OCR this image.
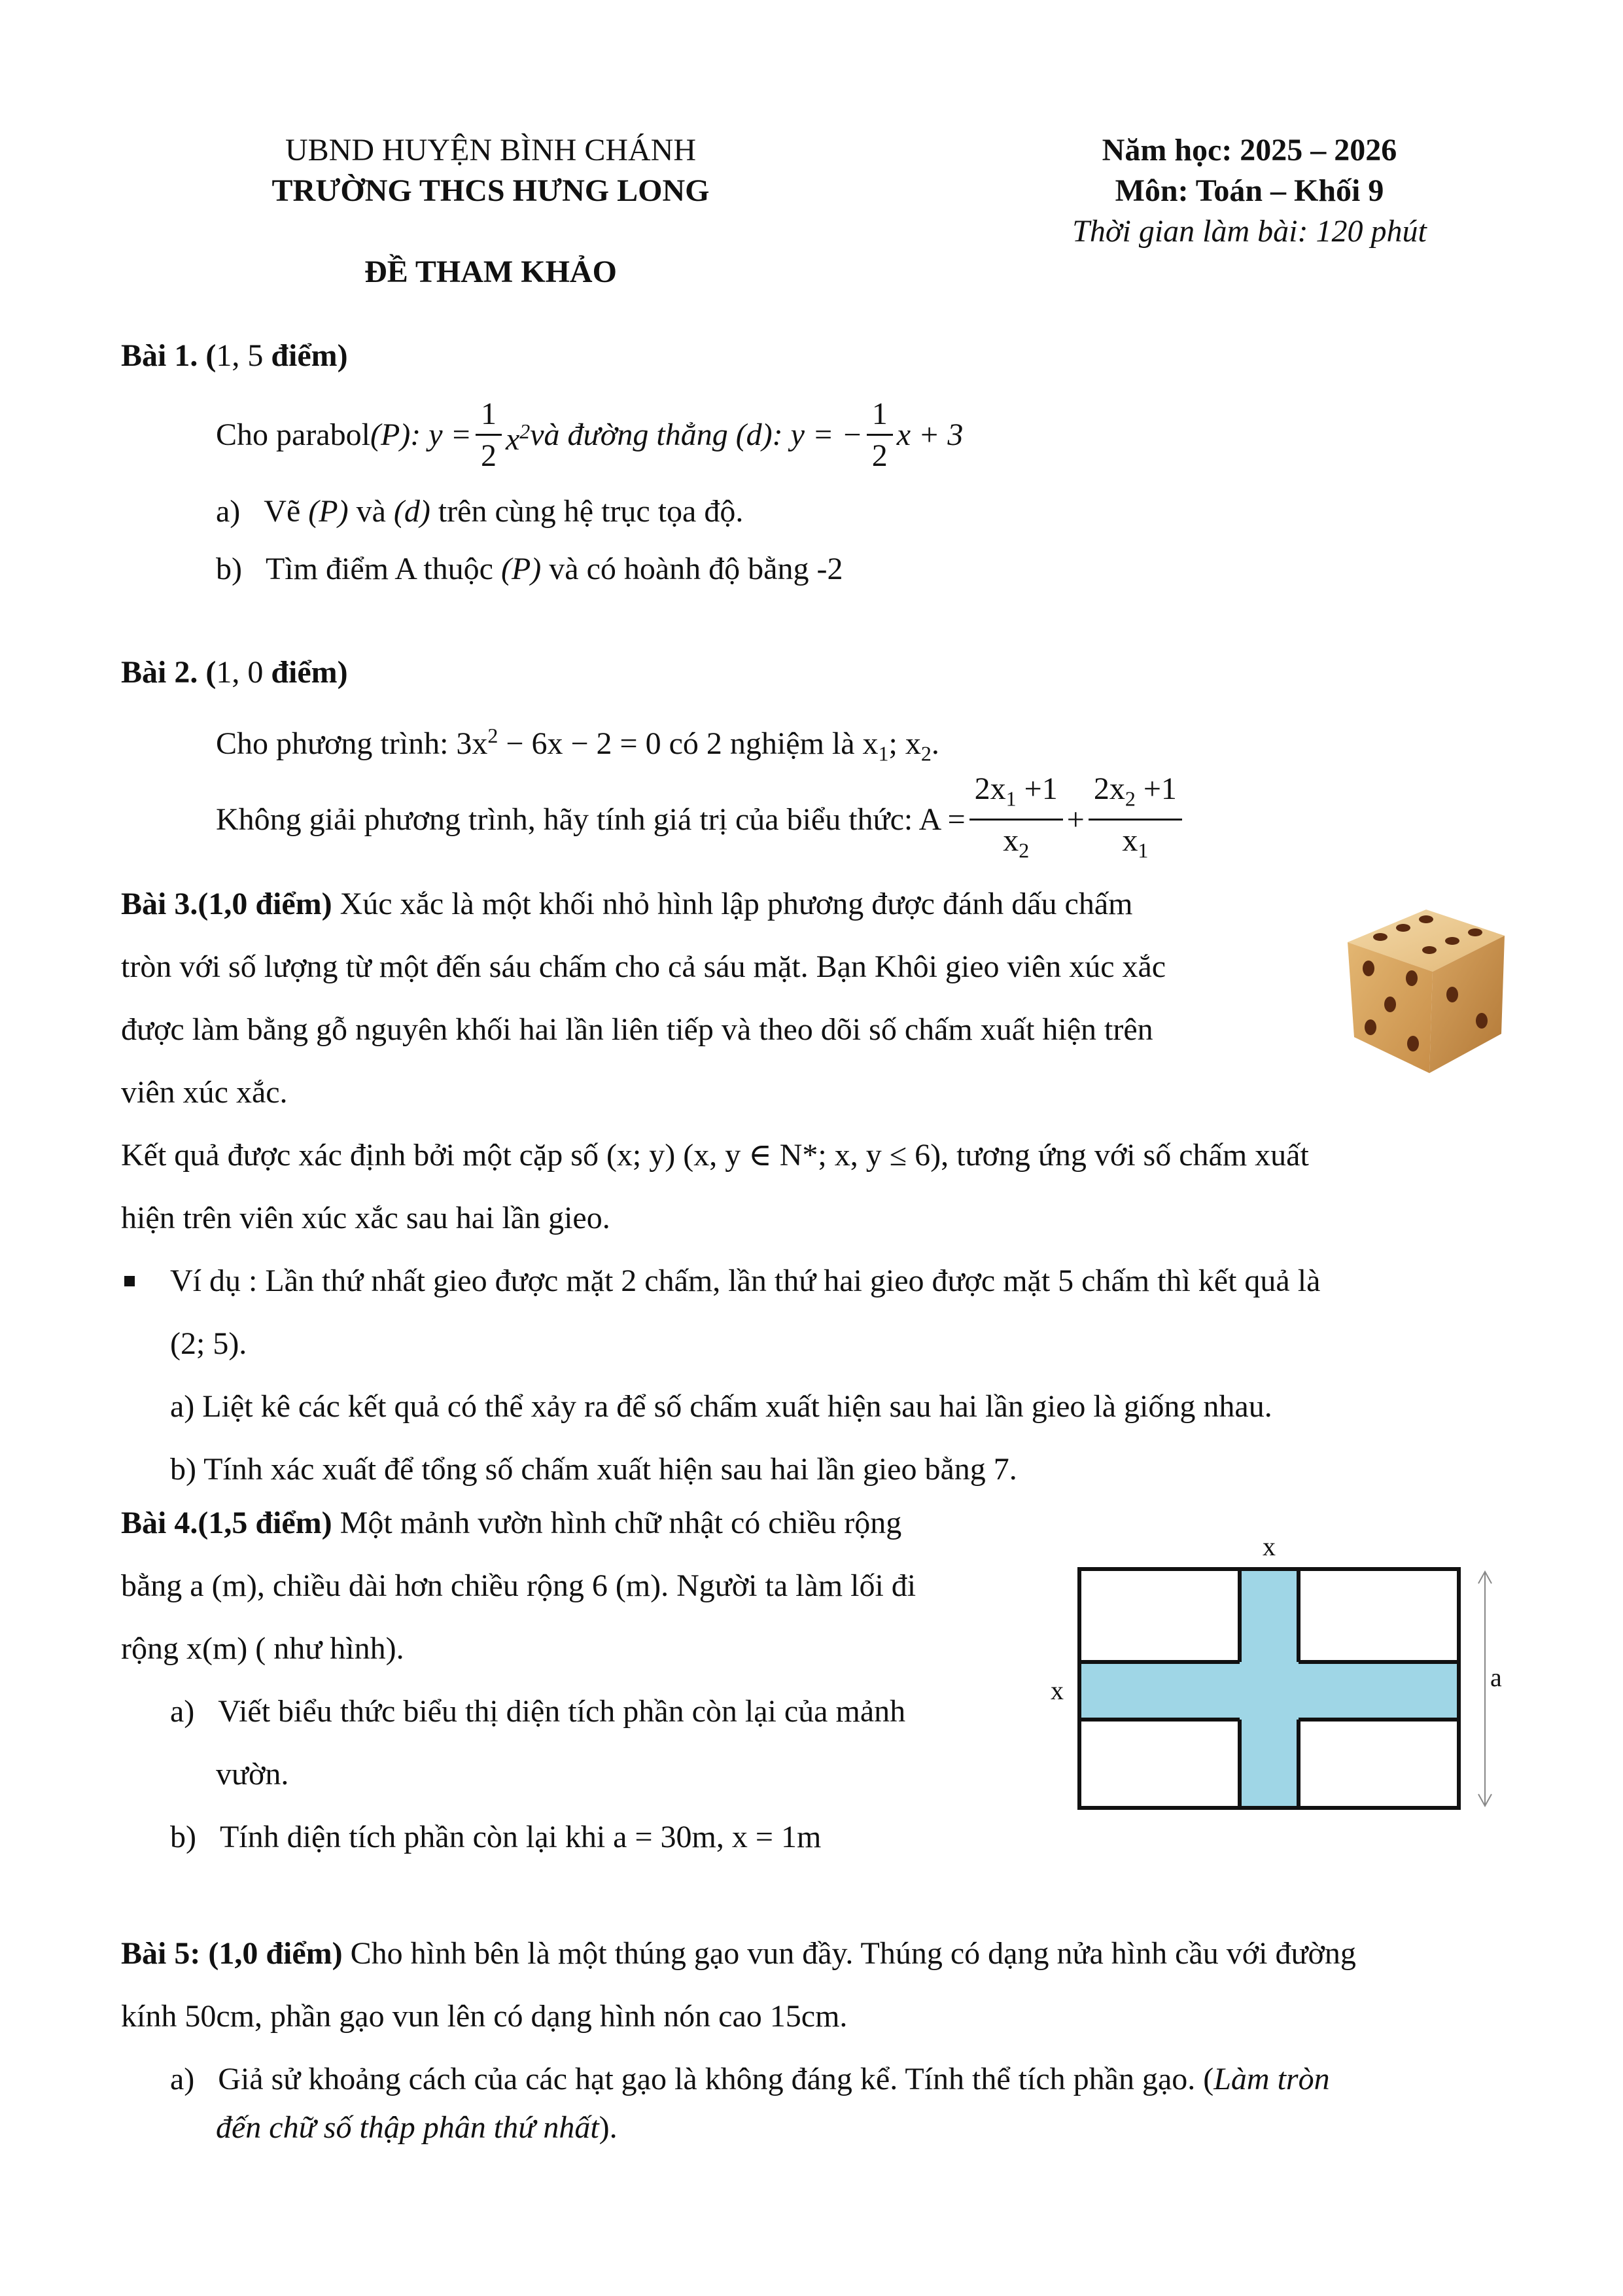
UBND HUYỆN BÌNH CHÁNH
TRƯỜNG THCS HƯNG LONG
Năm học: 2025 – 2026
Môn: Toán – Khối 9
Thời gian làm bài: 120 phút
ĐỀ THAM KHẢO
Bài 1. (1, 5 điểm)
Cho parabol (P) : $y = \frac{1}{2} x^2$ và đường thẳng (d): y = − $\frac{1}{2}$ x + 3
a) Vẽ (P) và (d) trên cùng hệ trục tọa độ.
b) Tìm điểm A thuộc (P) và có hoành độ bằng -2
Bài 2. (1, 0 điểm)
Cho phương trình: $3x^2 - 6x - 2 = 0$ có 2 nghiệm là $x_1$; $x_2$.
Không giải phương trình, hãy tính giá trị của biểu thức: $A = \frac{2x_1 +1}{x_2} + \frac{2x_2 +1}{x_1}$
Bài 3.(1,0 điểm) Xúc xắc là một khối nhỏ hình lập phương được đánh dấu chấm
tròn với số lượng từ một đến sáu chấm cho cả sáu mặt. Bạn Khôi gieo viên xúc xắc
được làm bằng gỗ nguyên khối hai lần liên tiếp và theo dõi số chấm xuất hiện trên
viên xúc xắc.
Kết quả được xác định bởi một cặp số (x; y) (x, y ∈ N*; x, y ≤ 6), tương ứng với số chấm xuất
hiện trên viên xúc xắc sau hai lần gieo.
Ví dụ : Lần thứ nhất gieo được mặt 2 chấm, lần thứ hai gieo được mặt 5 chấm thì kết quả là
(2; 5).
a) Liệt kê các kết quả có thể xảy ra để số chấm xuất hiện sau hai lần gieo là giống nhau.
b) Tính xác xuất để tổng số chấm xuất hiện sau hai lần gieo bằng 7.
Bài 4.(1,5 điểm) Một mảnh vườn hình chữ nhật có chiều rộng
bằng a (m), chiều dài hơn chiều rộng 6 (m). Người ta làm lối đi
rộng x(m) ( như hình).
a) Viết biểu thức biểu thị diện tích phần còn lại của mảnh
vườn.
b) Tính diện tích phần còn lại khi a = 30m, x = 1m
x
x	a
Bài 5: (1,0 điểm) Cho hình bên là một thúng gạo vun đầy. Thúng có dạng nửa hình cầu với đường
kính 50cm, phần gạo vun lên có dạng hình nón cao 15cm.
a) Giả sử khoảng cách của các hạt gạo là không đáng kể. Tính thể tích phần gạo. (Làm tròn
đến chữ số thập phân thứ nhất).
